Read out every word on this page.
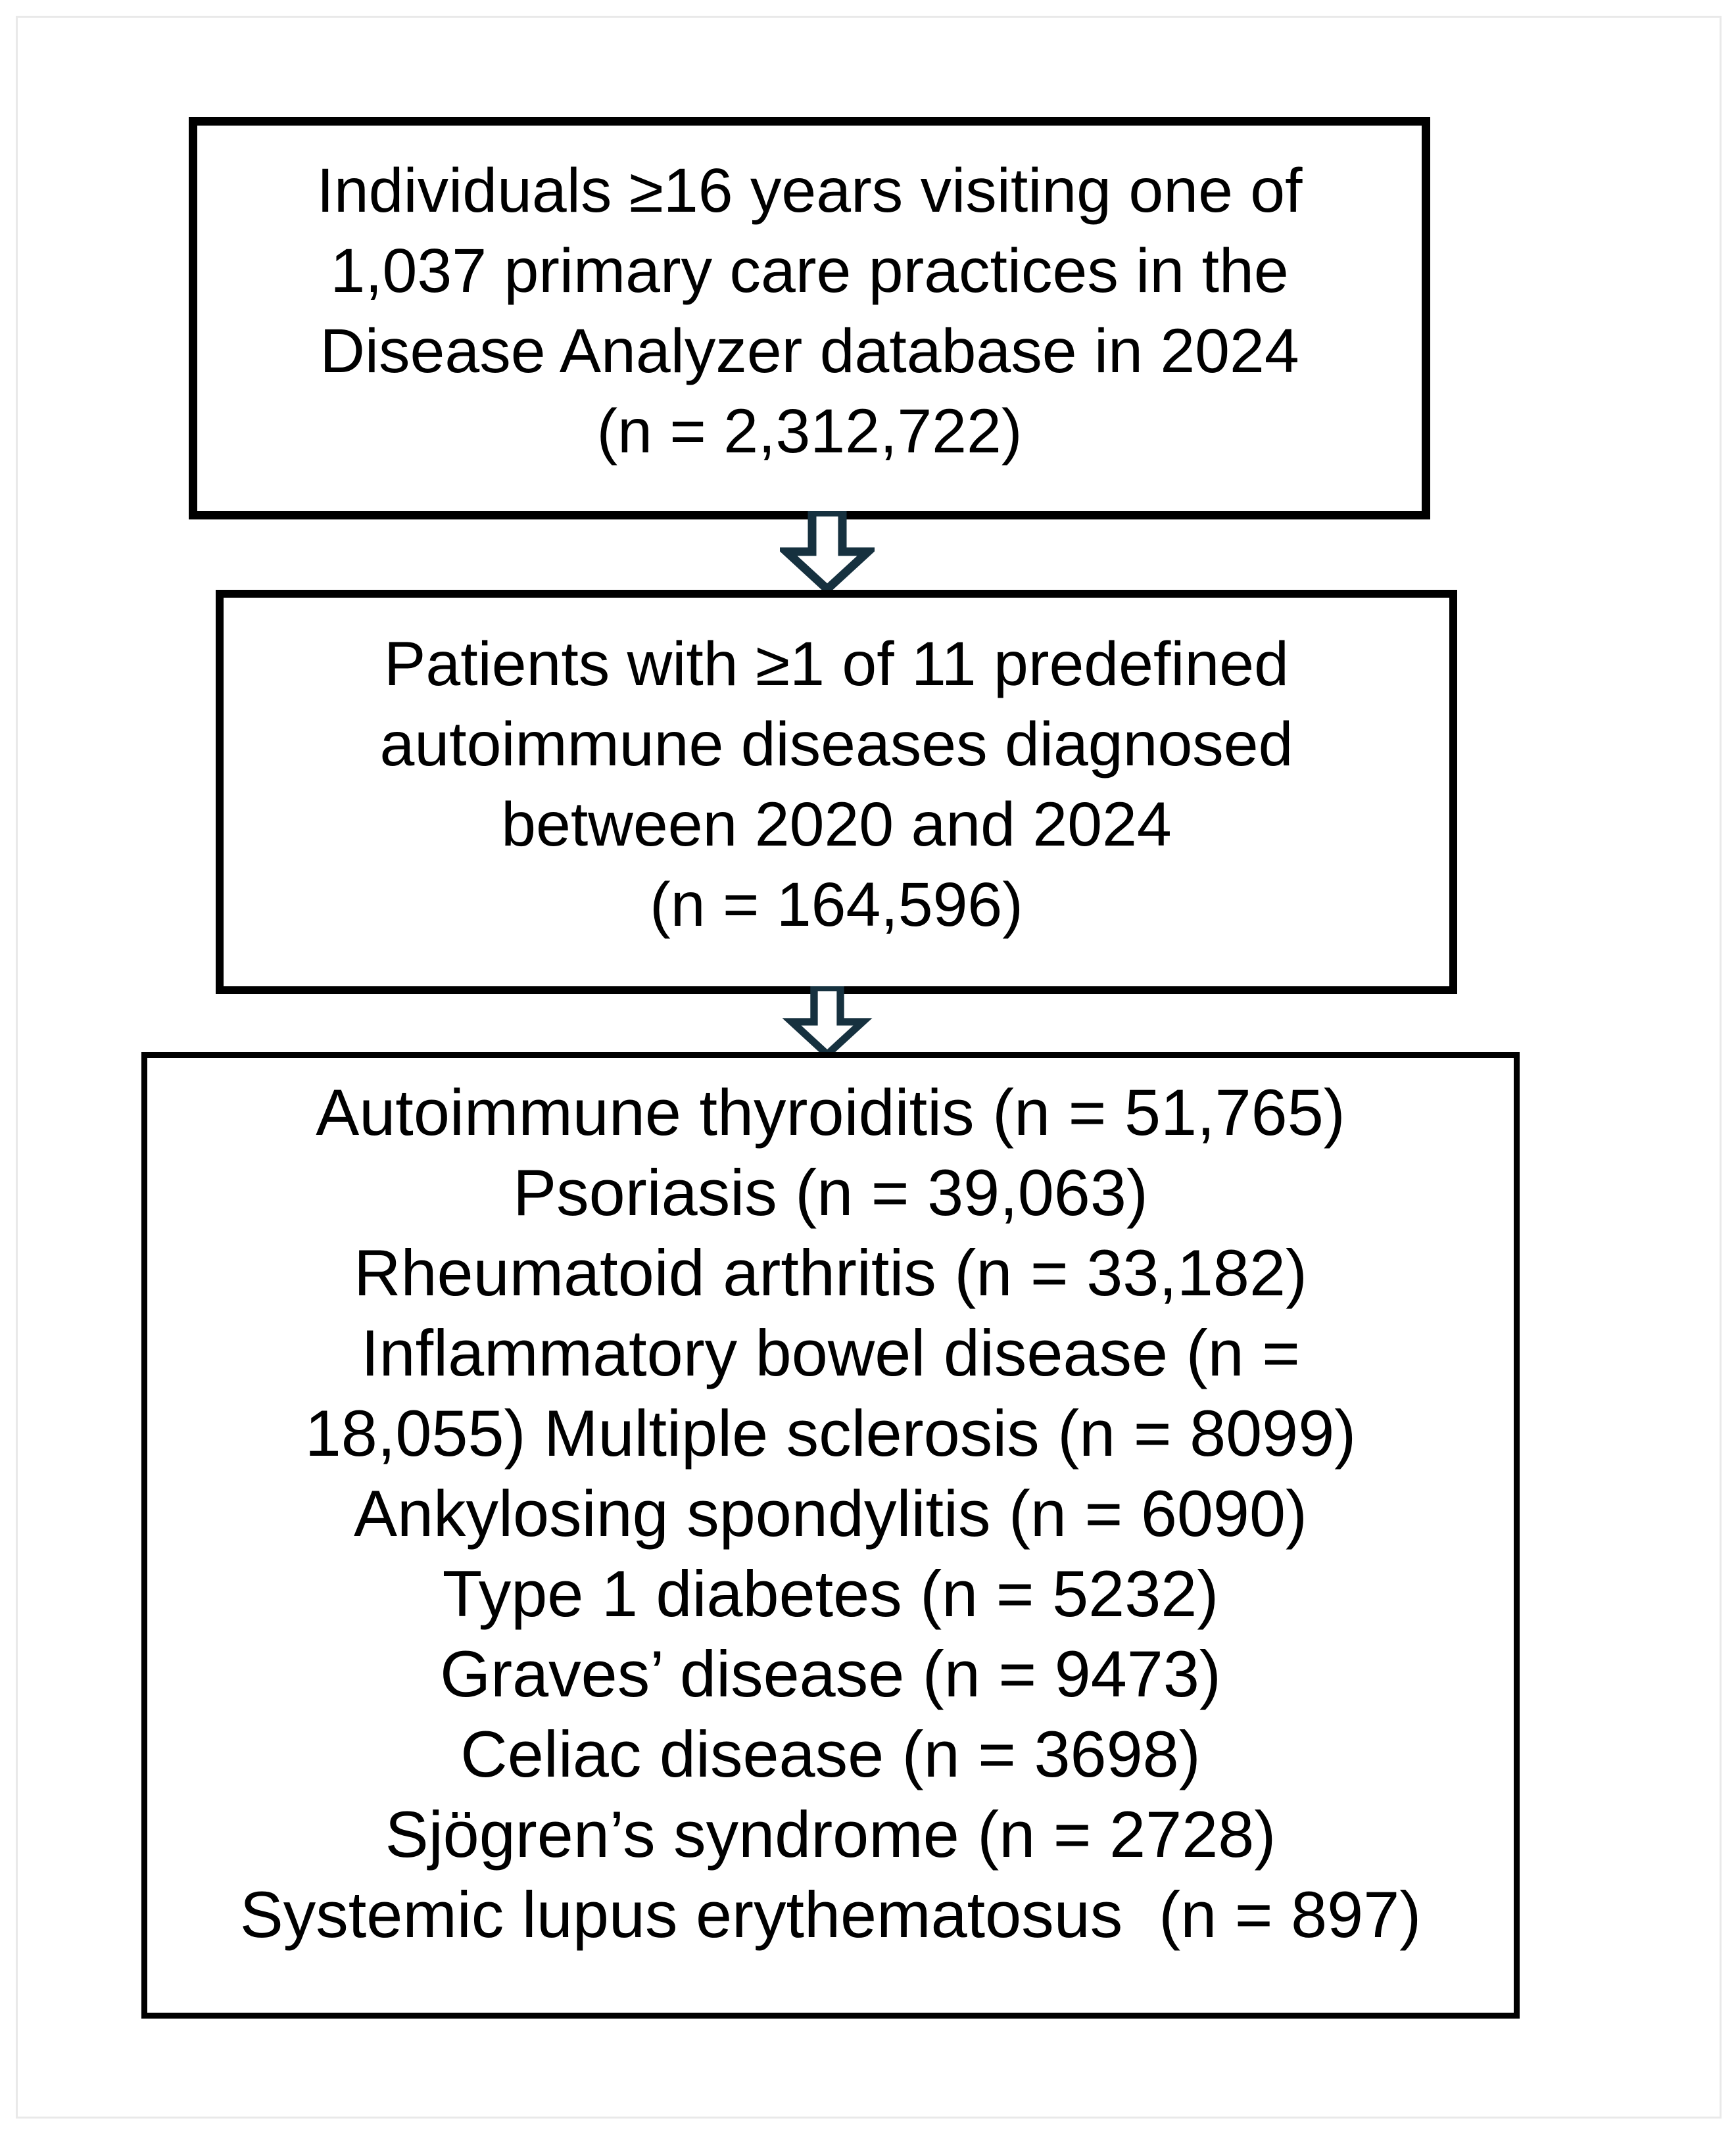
Individuals ≥16 years visiting one of
1,037 primary care practices in the
Disease Analyzer database in 2024
(n = 2,312,722)
Patients with ≥1 of 11 predefined
autoimmune diseases diagnosed
between 2020 and 2024
(n = 164,596)
Autoimmune thyroiditis (n = 51,765)
Psoriasis (n = 39,063)
Rheumatoid arthritis (n = 33,182)
Inflammatory bowel disease (n =
18,055) Multiple sclerosis (n = 8099)
Ankylosing spondylitis (n = 6090)
Type 1 diabetes (n = 5232)
Graves’ disease (n = 9473)
Celiac disease (n = 3698)
Sjögren’s syndrome (n = 2728)
Systemic lupus erythematosus  (n = 897)
